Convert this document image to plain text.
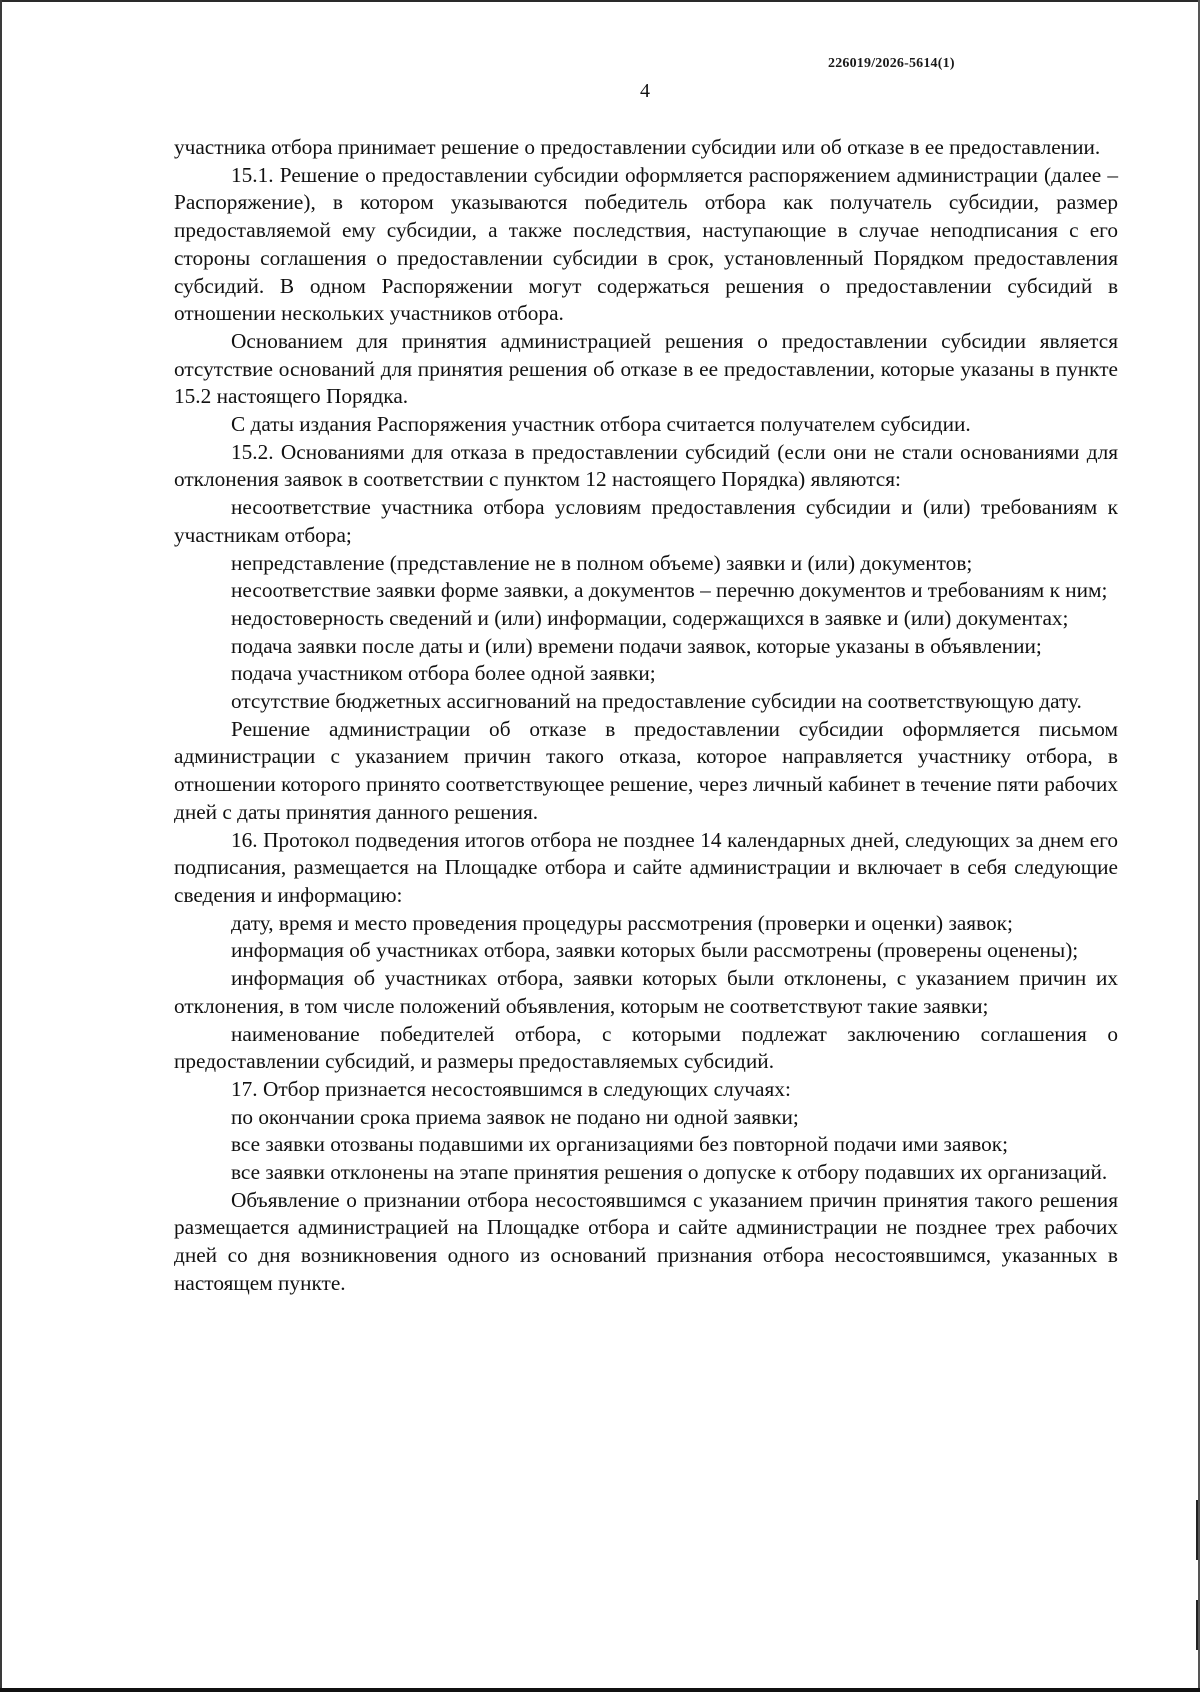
226019/2026-5614(1)
4

участника отбора принимает решение о предоставлении субсидии или об отказе в ее предоставлении.

15.1. Решение о предоставлении субсидии оформляется распоряжением администрации (далее – Распоряжение), в котором указываются победитель отбора как получатель субсидии, размер предоставляемой ему субсидии, а также последствия, наступающие в случае неподписания с его стороны соглашения о предоставлении субсидии в срок, установленный Порядком предоставления субсидий. В одном Распоряжении могут содержаться решения о предоставлении субсидий в отношении нескольких участников отбора.

Основанием для принятия администрацией решения о предоставлении субсидии является отсутствие оснований для принятия решения об отказе в ее предоставлении, которые указаны в пункте 15.2 настоящего Порядка.

С даты издания Распоряжения участник отбора считается получателем субсидии.

15.2. Основаниями для отказа в предоставлении субсидий (если они не стали основаниями для отклонения заявок в соответствии с пунктом 12 настоящего Порядка) являются:

несоответствие участника отбора условиям предоставления субсидии и (или) требованиям к участникам отбора;

непредставление (представление не в полном объеме) заявки и (или) документов;

несоответствие заявки форме заявки, а документов – перечню документов и требованиям к ним;

недостоверность сведений и (или) информации, содержащихся в заявке и (или) документах;

подача заявки после даты и (или) времени подачи заявок, которые указаны в объявлении;

подача участником отбора более одной заявки;

отсутствие бюджетных ассигнований на предоставление субсидии на соответствующую дату.

Решение администрации об отказе в предоставлении субсидии оформляется письмом администрации с указанием причин такого отказа, которое направляется участнику отбора, в отношении которого принято соответствующее решение, через личный кабинет в течение пяти рабочих дней с даты принятия данного решения.

16. Протокол подведения итогов отбора не позднее 14 календарных дней, следующих за днем его подписания, размещается на Площадке отбора и сайте администрации и включает в себя следующие сведения и информацию:

дату, время и место проведения процедуры рассмотрения (проверки и оценки) заявок;

информация об участниках отбора, заявки которых были рассмотрены (проверены оценены);

информация об участниках отбора, заявки которых были отклонены, с указанием причин их отклонения, в том числе положений объявления, которым не соответствуют такие заявки;

наименование победителей отбора, с которыми подлежат заключению соглашения о предоставлении субсидий, и размеры предоставляемых субсидий.

17. Отбор признается несостоявшимся в следующих случаях:

по окончании срока приема заявок не подано ни одной заявки;

все заявки отозваны подавшими их организациями без повторной подачи ими заявок;

все заявки отклонены на этапе принятия решения о допуске к отбору подавших их организаций.

Объявление о признании отбора несостоявшимся с указанием причин принятия такого решения размещается администрацией на Площадке отбора и сайте администрации не позднее трех рабочих дней со дня возникновения одного из оснований признания отбора несостоявшимся, указанных в настоящем пункте.
